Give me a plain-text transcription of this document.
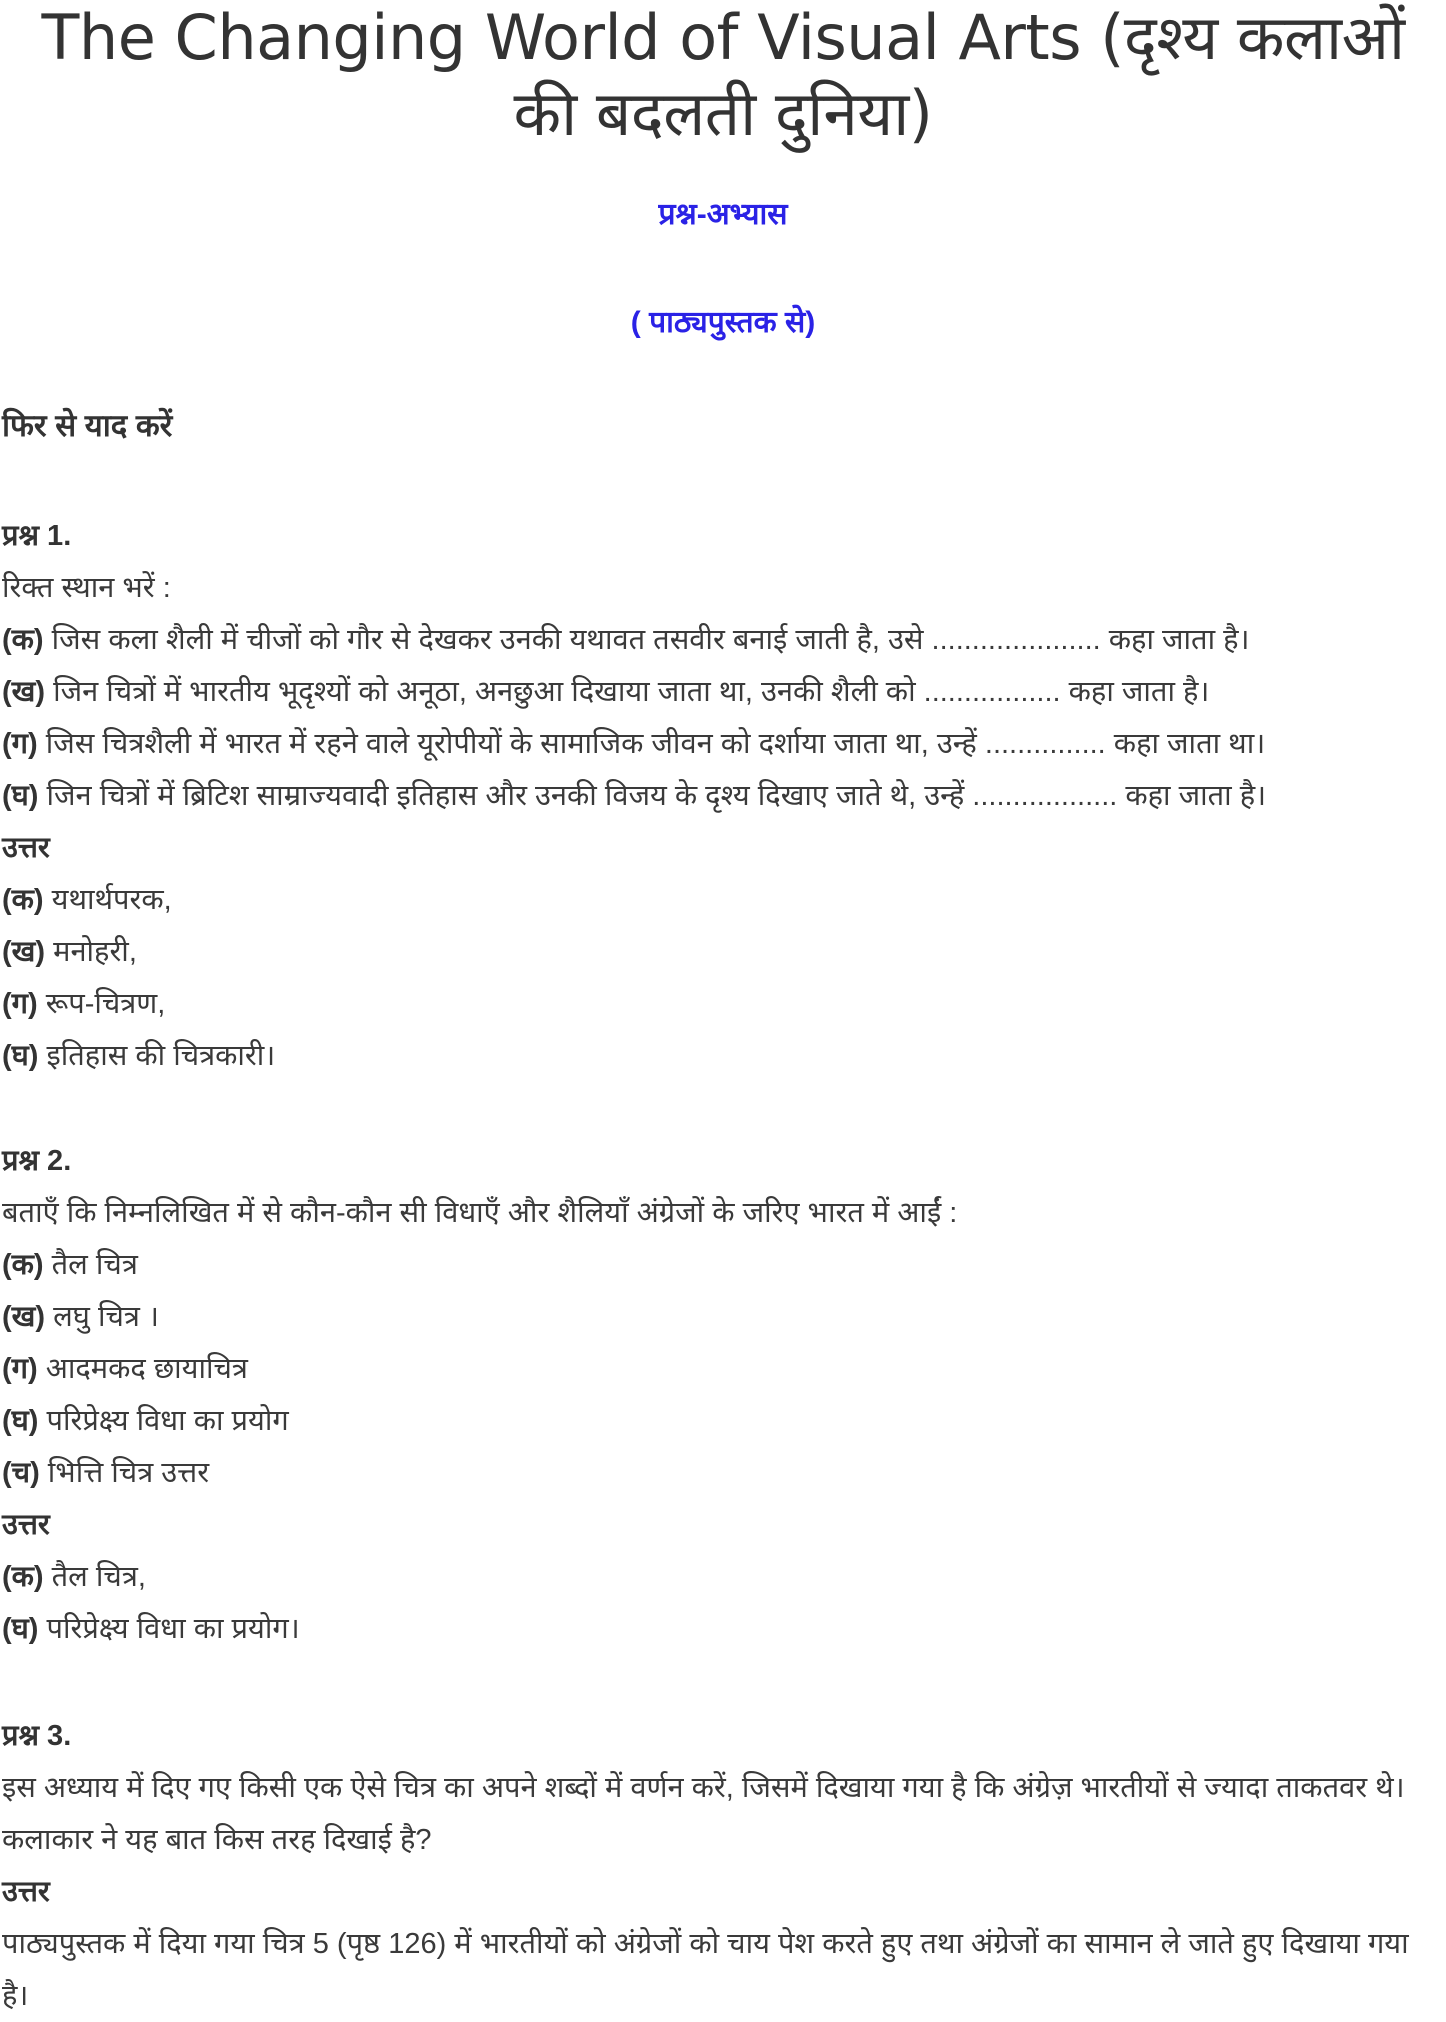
The Changing World of Visual Arts (दृश्य कलाओं की बदलती दुनिया)

प्रश्न-अभ्यास

( पाठ्यपुस्तक से)

फिर से याद करें

प्रश्न 1.
रिक्त स्थान भरें :
(क) जिस कला शैली में चीजों को गौर से देखकर उनकी यथावत तसवीर बनाई जाती है, उसे ..................... कहा जाता है।
(ख) जिन चित्रों में भारतीय भूदृश्यों को अनूठा, अनछुआ दिखाया जाता था, उनकी शैली को ................. कहा जाता है।
(ग) जिस चित्रशैली में भारत में रहने वाले यूरोपीयों के सामाजिक जीवन को दर्शाया जाता था, उन्हें ............... कहा जाता था।
(घ) जिन चित्रों में ब्रिटिश साम्राज्यवादी इतिहास और उनकी विजय के दृश्य दिखाए जाते थे, उन्हें .................. कहा जाता है।
उत्तर
(क) यथार्थपरक,
(ख) मनोहरी,
(ग) रूप-चित्रण,
(घ) इतिहास की चित्रकारी।
प्रश्न 2.
बताएँ कि निम्नलिखित में से कौन-कौन सी विधाएँ और शैलियाँ अंग्रेजों के जरिए भारत में आईं :
(क) तैल चित्र
(ख) लघु चित्र ।
(ग) आदमकद छायाचित्र
(घ) परिप्रेक्ष्य विधा का प्रयोग
(च) भित्ति चित्र उत्तर
उत्तर
(क) तैल चित्र,
(घ) परिप्रेक्ष्य विधा का प्रयोग।
प्रश्न 3.
इस अध्याय में दिए गए किसी एक ऐसे चित्र का अपने शब्दों में वर्णन करें, जिसमें दिखाया गया है कि अंग्रेज़ भारतीयों से ज्यादा ताकतवर थे। कलाकार ने यह बात किस तरह दिखाई है?
उत्तर
पाठ्यपुस्तक में दिया गया चित्र 5 (पृष्ठ 126) में भारतीयों को अंग्रेजों को चाय पेश करते हुए तथा अंग्रेजों का सामान ले जाते हुए दिखाया गया है।
